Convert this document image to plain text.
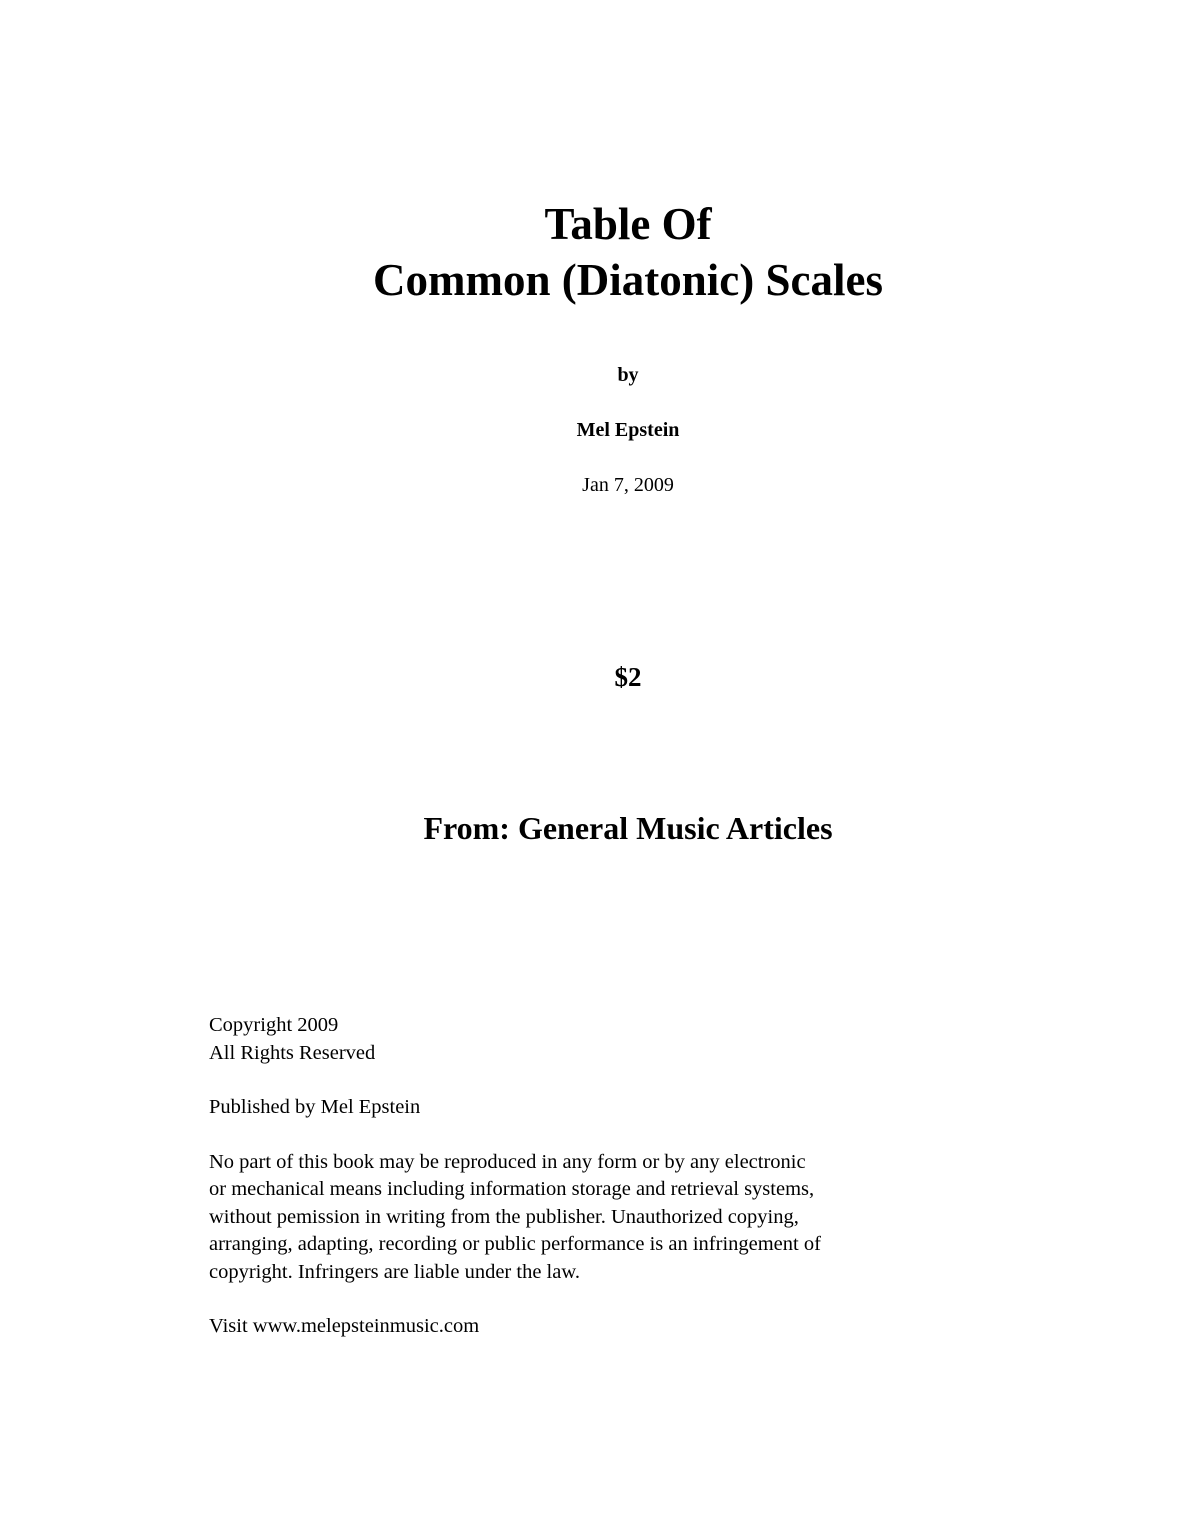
Table Of
Common (Diatonic) Scales
by
Mel Epstein
Jan 7, 2009
$2
From: General Music Articles

Copyright 2009
All Rights Reserved

Published by Mel Epstein

No part of this book may be reproduced in any form or by any electronic
or mechanical means including information storage and retrieval systems,
without pemission in writing from the publisher. Unauthorized copying,
arranging, adapting, recording or public performance is an infringement of
copyright. Infringers are liable under the law.

Visit www.melepsteinmusic.com
